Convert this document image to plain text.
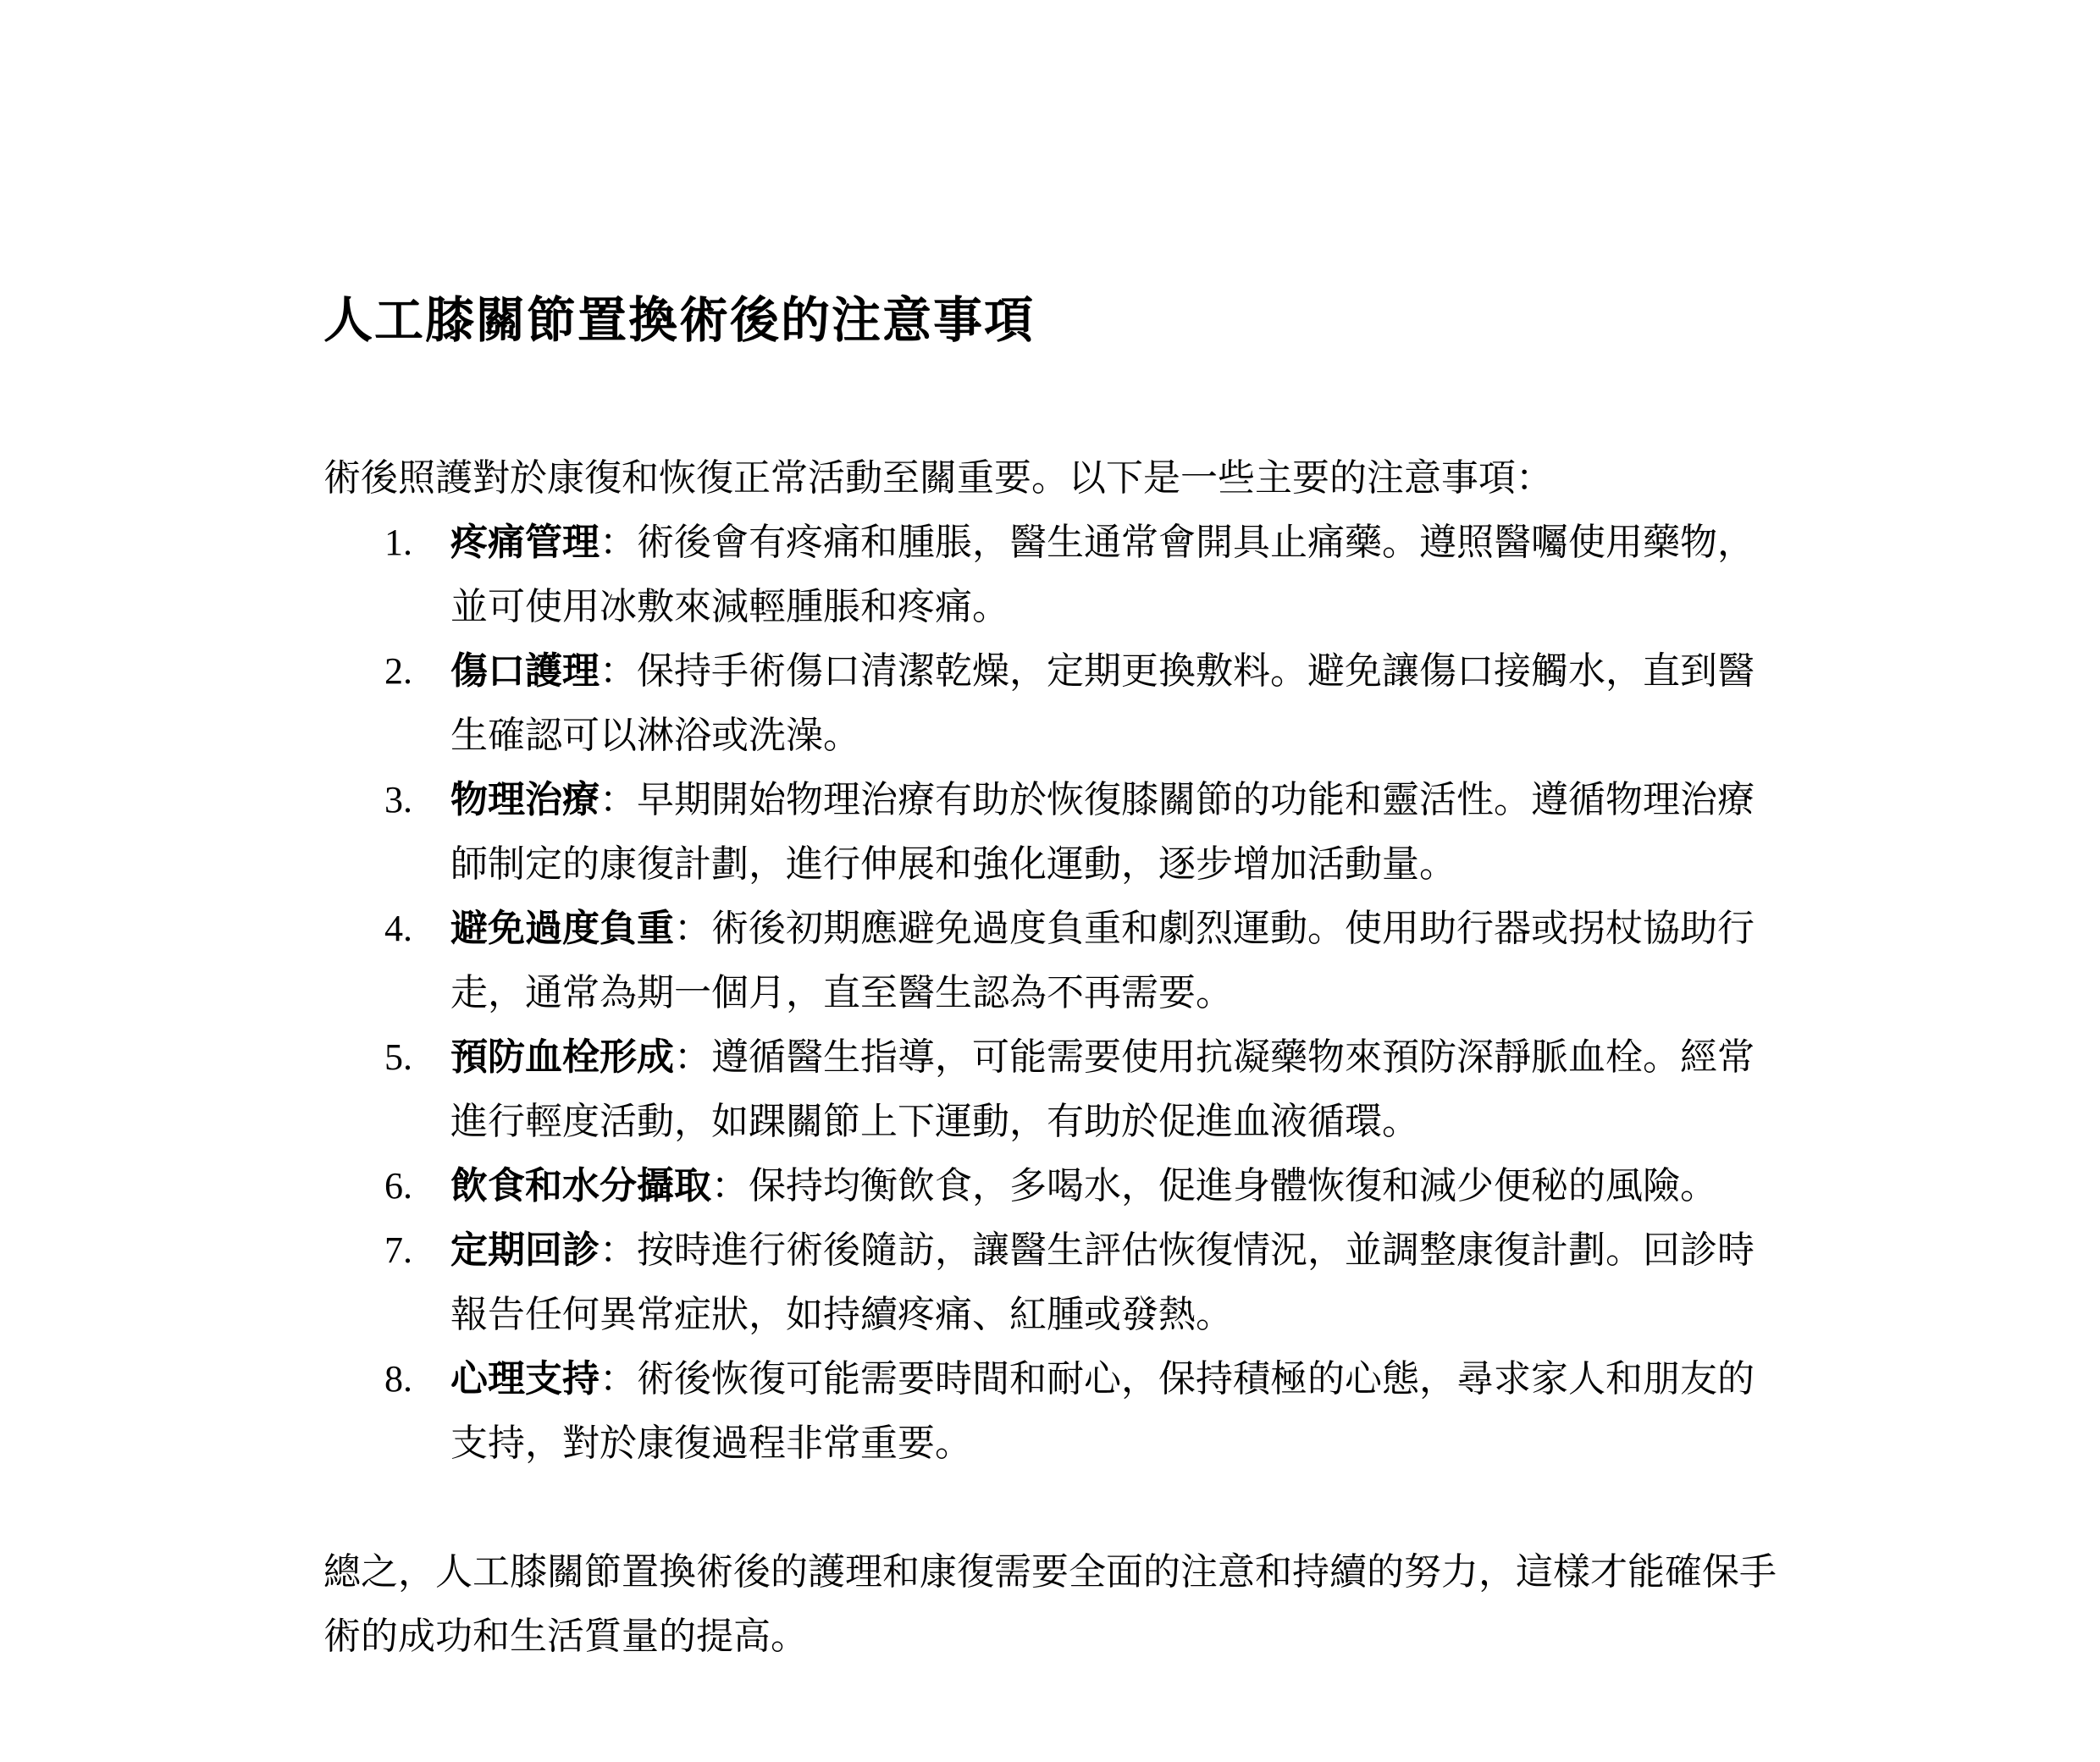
人工膝關節置換術後的注意事項
術後照護對於康復和恢復正常活動至關重要。以下是一些主要的注意事項：
1. 疼痛管理：術後會有疼痛和腫脹，醫生通常會開具止痛藥。遵照醫囑使用藥物，並可使用冰敷來減輕腫脹和疼痛。
2. 傷口護理：保持手術傷口清潔乾燥，定期更換敷料。避免讓傷口接觸水，直到醫生確認可以淋浴或洗澡。
3. 物理治療：早期開始物理治療有助於恢復膝關節的功能和靈活性。遵循物理治療師制定的康復計劃，進行伸展和強化運動，逐步增加活動量。
4. 避免過度負重：術後初期應避免過度負重和劇烈運動。使用助行器或拐杖協助行走，通常為期一個月，直至醫生認為不再需要。
5. 預防血栓形成：遵循醫生指導，可能需要使用抗凝藥物來預防深靜脈血栓。經常進行輕度活動，如踝關節上下運動，有助於促進血液循環。
6. 飲食和水分攝取：保持均衡飲食，多喝水，促進身體恢復和減少便秘的風險。
7. 定期回診：按時進行術後隨訪，讓醫生評估恢復情況，並調整康復計劃。回診時報告任何異常症狀，如持續疼痛、紅腫或發熱。
8. 心理支持：術後恢復可能需要時間和耐心，保持積極的心態，尋求家人和朋友的支持，對於康復過程非常重要。
總之，人工膝關節置換術後的護理和康復需要全面的注意和持續的努力，這樣才能確保手術的成功和生活質量的提高。
